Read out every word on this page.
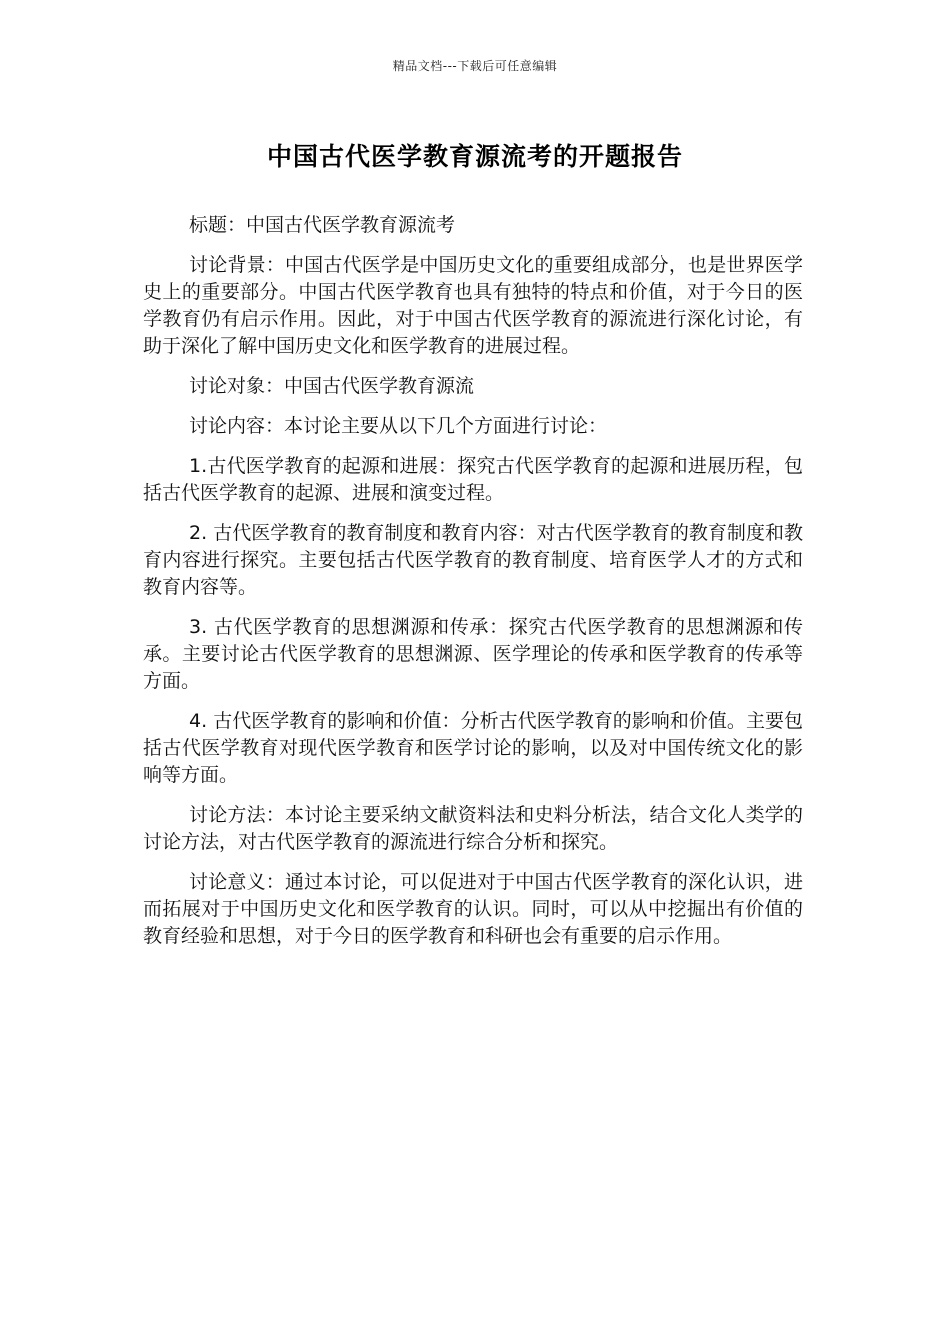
精品文档---下载后可任意编辑
中国古代医学教育源流考的开题报告

标题：中国古代医学教育源流考

讨论背景：中国古代医学是中国历史文化的重要组成部分，也是世界医学史上的重要部分。中国古代医学教育也具有独特的特点和价值，对于今日的医学教育仍有启示作用。因此，对于中国古代医学教育的源流进行深化讨论，有助于深化了解中国历史文化和医学教育的进展过程。

讨论对象：中国古代医学教育源流

讨论内容：本讨论主要从以下几个方面进行讨论：

1.古代医学教育的起源和进展：探究古代医学教育的起源和进展历程，包括古代医学教育的起源、进展和演变过程。

2. 古代医学教育的教育制度和教育内容：对古代医学教育的教育制度和教育内容进行探究。主要包括古代医学教育的教育制度、培育医学人才的方式和教育内容等。

3. 古代医学教育的思想渊源和传承：探究古代医学教育的思想渊源和传承。主要讨论古代医学教育的思想渊源、医学理论的传承和医学教育的传承等方面。

4. 古代医学教育的影响和价值：分析古代医学教育的影响和价值。主要包括古代医学教育对现代医学教育和医学讨论的影响，以及对中国传统文化的影响等方面。

讨论方法：本讨论主要采纳文献资料法和史料分析法，结合文化人类学的讨论方法，对古代医学教育的源流进行综合分析和探究。

讨论意义：通过本讨论，可以促进对于中国古代医学教育的深化认识，进而拓展对于中国历史文化和医学教育的认识。同时，可以从中挖掘出有价值的教育经验和思想，对于今日的医学教育和科研也会有重要的启示作用。
